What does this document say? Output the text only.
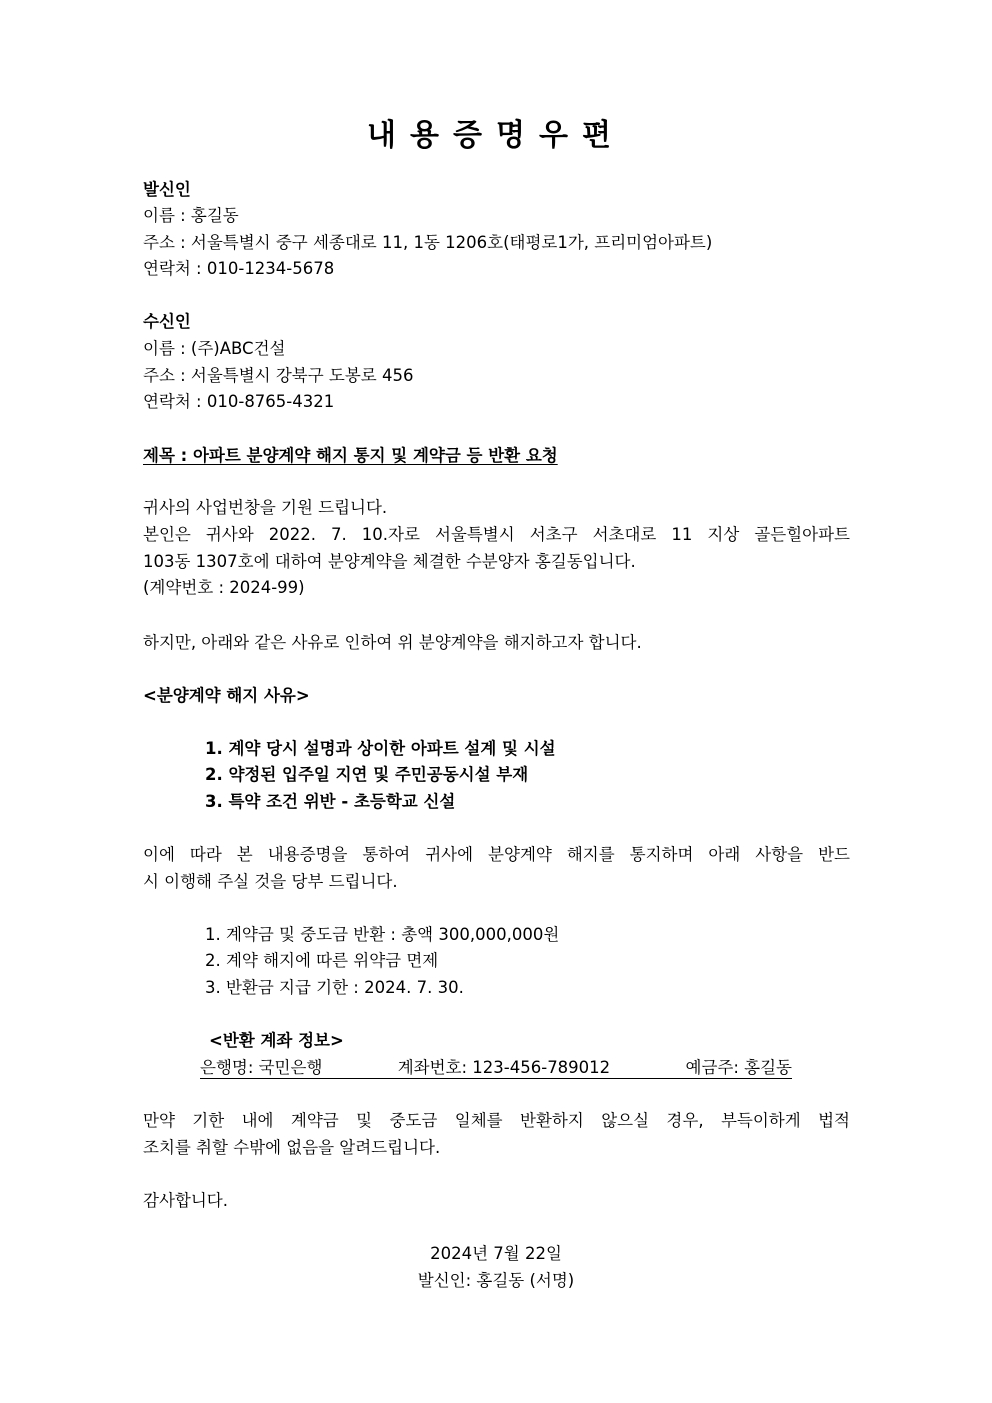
내용증명우편
발신인
이름 : 홍길동
주소 : 서울특별시 중구 세종대로 11, 1동 1206호(태평로1가, 프리미엄아파트)
연락처 : 010-1234-5678
수신인
이름 : (주)ABC건설
주소 : 서울특별시 강북구 도봉로 456
연락처 : 010-8765-4321
제목 : 아파트 분양계약 해지 통지 및 계약금 등 반환 요청
귀사의 사업번창을 기원 드립니다.
본인은 귀사와 2022. 7. 10.자로 서울특별시 서초구 서초대로 11 지상 골든힐아파트
103동 1307호에 대하여 분양계약을 체결한 수분양자 홍길동입니다.
(계약번호 : 2024-99)
하지만, 아래와 같은 사유로 인하여 위 분양계약을 해지하고자 합니다.
<분양계약 해지 사유>
1. 계약 당시 설명과 상이한 아파트 설계 및 시설
2. 약정된 입주일 지연 및 주민공동시설 부재
3. 특약 조건 위반 - 초등학교 신설
이에 따라 본 내용증명을 통하여 귀사에 분양계약 해지를 통지하며 아래 사항을 반드
시 이행해 주실 것을 당부 드립니다.
1. 계약금 및 중도금 반환 : 총액 300,000,000원
2. 계약 해지에 따른 위약금 면제
3. 반환금 지급 기한 : 2024. 7. 30.
<반환 계좌 정보>
은행명: 국민은행	계좌번호: 123-456-789012	예금주: 홍길동
만약 기한 내에 계약금 및 중도금 일체를 반환하지 않으실 경우, 부득이하게 법적
조치를 취할 수밖에 없음을 알려드립니다.
감사합니다.
2024년 7월 22일
발신인: 홍길동 (서명)
